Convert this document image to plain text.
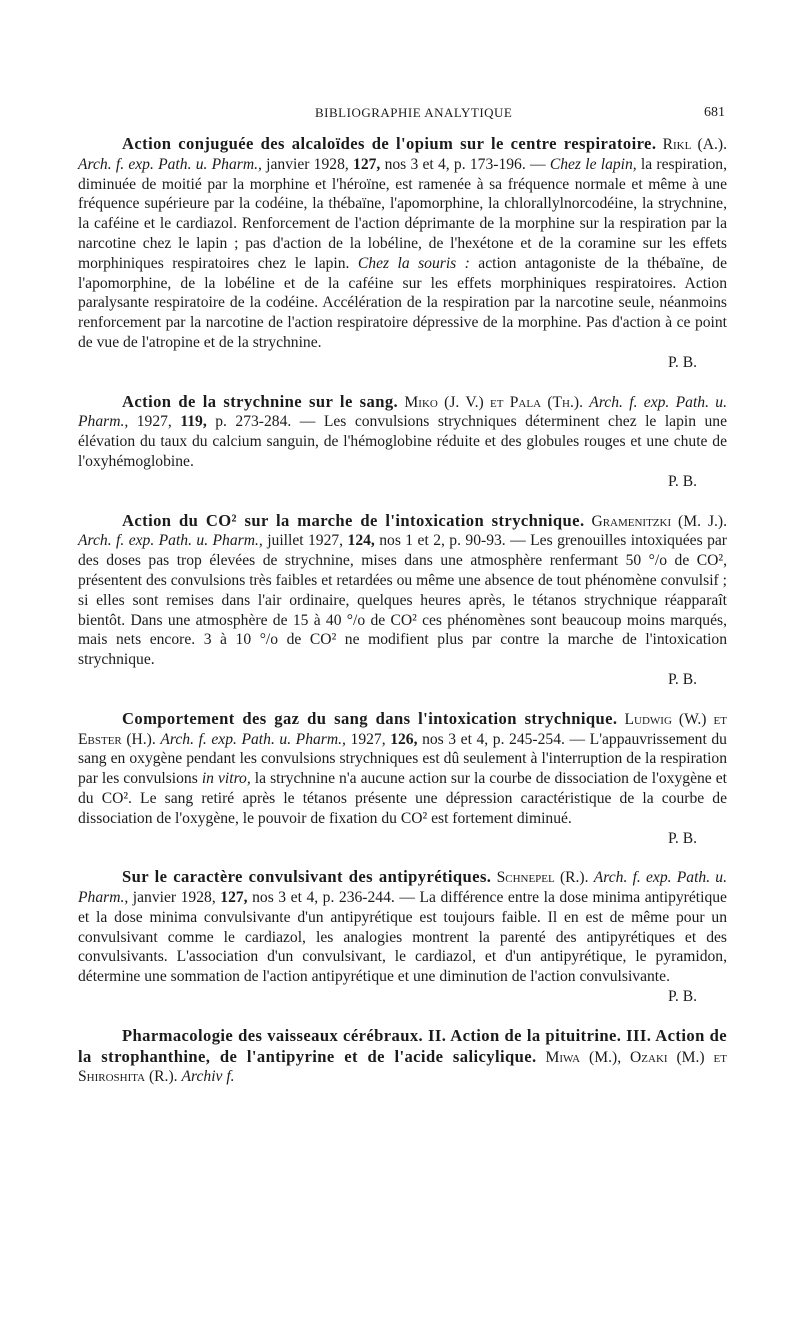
BIBLIOGRAPHIE ANALYTIQUE	681

Action conjuguée des alcaloïdes de l'opium sur le centre respiratoire. Rikl (A.). Arch. f. exp. Path. u. Pharm., janvier 1928, 127, nos 3 et 4, p. 173-196. — Chez le lapin, la respiration, diminuée de moitié par la morphine et l'héroïne, est ramenée à sa fréquence normale et même à une fréquence supérieure par la codéine, la thébaïne, l'apomorphine, la chlorallylnorcodéine, la strychnine, la caféine et le cardiazol. Renforcement de l'action déprimante de la morphine sur la respiration par la narcotine chez le lapin ; pas d'action de la lobéline, de l'hexétone et de la coramine sur les effets morphiniques respiratoires chez le lapin. Chez la souris : action antagoniste de la thébaïne, de l'apomorphine, de la lobéline et de la caféine sur les effets morphiniques respiratoires. Action paralysante respiratoire de la codéine. Accélération de la respiration par la narcotine seule, néanmoins renforcement par la narcotine de l'action respiratoire dépressive de la morphine. Pas d'action à ce point de vue de l'atropine et de la strychnine.

P. B.

Action de la strychnine sur le sang. Miko (J. V.) et Pala (Th.). Arch. f. exp. Path. u. Pharm., 1927, 119, p. 273-284. — Les convulsions strychniques déterminent chez le lapin une élévation du taux du calcium sanguin, de l'hémoglobine réduite et des globules rouges et une chute de l'oxyhémoglobine.

P. B.

Action du CO² sur la marche de l'intoxication strychnique. Gramenitzki (M. J.). Arch. f. exp. Path. u. Pharm., juillet 1927, 124, nos 1 et 2, p. 90-93. — Les grenouilles intoxiquées par des doses pas trop élevées de strychnine, mises dans une atmosphère renfermant 50 °/o de CO², présentent des convulsions très faibles et retardées ou même une absence de tout phénomène convulsif ; si elles sont remises dans l'air ordinaire, quelques heures après, le tétanos strychnique réapparaît bientôt. Dans une atmosphère de 15 à 40 °/o de CO² ces phénomènes sont beaucoup moins marqués, mais nets encore. 3 à 10 °/o de CO² ne modifient plus par contre la marche de l'intoxication strychnique.

P. B.

Comportement des gaz du sang dans l'intoxication strychnique. Ludwig (W.) et Ebster (H.). Arch. f. exp. Path. u. Pharm., 1927, 126, nos 3 et 4, p. 245-254. — L'appauvrissement du sang en oxygène pendant les convulsions strychniques est dû seulement à l'interruption de la respiration par les convulsions in vitro, la strychnine n'a aucune action sur la courbe de dissociation de l'oxygène et du CO². Le sang retiré après le tétanos présente une dépression caractéristique de la courbe de dissociation de l'oxygène, le pouvoir de fixation du CO² est fortement diminué.

P. B.

Sur le caractère convulsivant des antipyrétiques. Schnepel (R.). Arch. f. exp. Path. u. Pharm., janvier 1928, 127, nos 3 et 4, p. 236-244. — La différence entre la dose minima antipyrétique et la dose minima convulsivante d'un antipyrétique est toujours faible. Il en est de même pour un convulsivant comme le cardiazol, les analogies montrent la parenté des antipyrétiques et des convulsivants. L'association d'un convulsivant, le cardiazol, et d'un antipyrétique, le pyramidon, détermine une sommation de l'action antipyrétique et une diminution de l'action convulsivante.

P. B.

Pharmacologie des vaisseaux cérébraux. II. Action de la pituitrine. III. Action de la strophanthine, de l'antipyrine et de l'acide salicylique. Miwa (M.), Ozaki (M.) et Shiroshita (R.). Archiv f.
